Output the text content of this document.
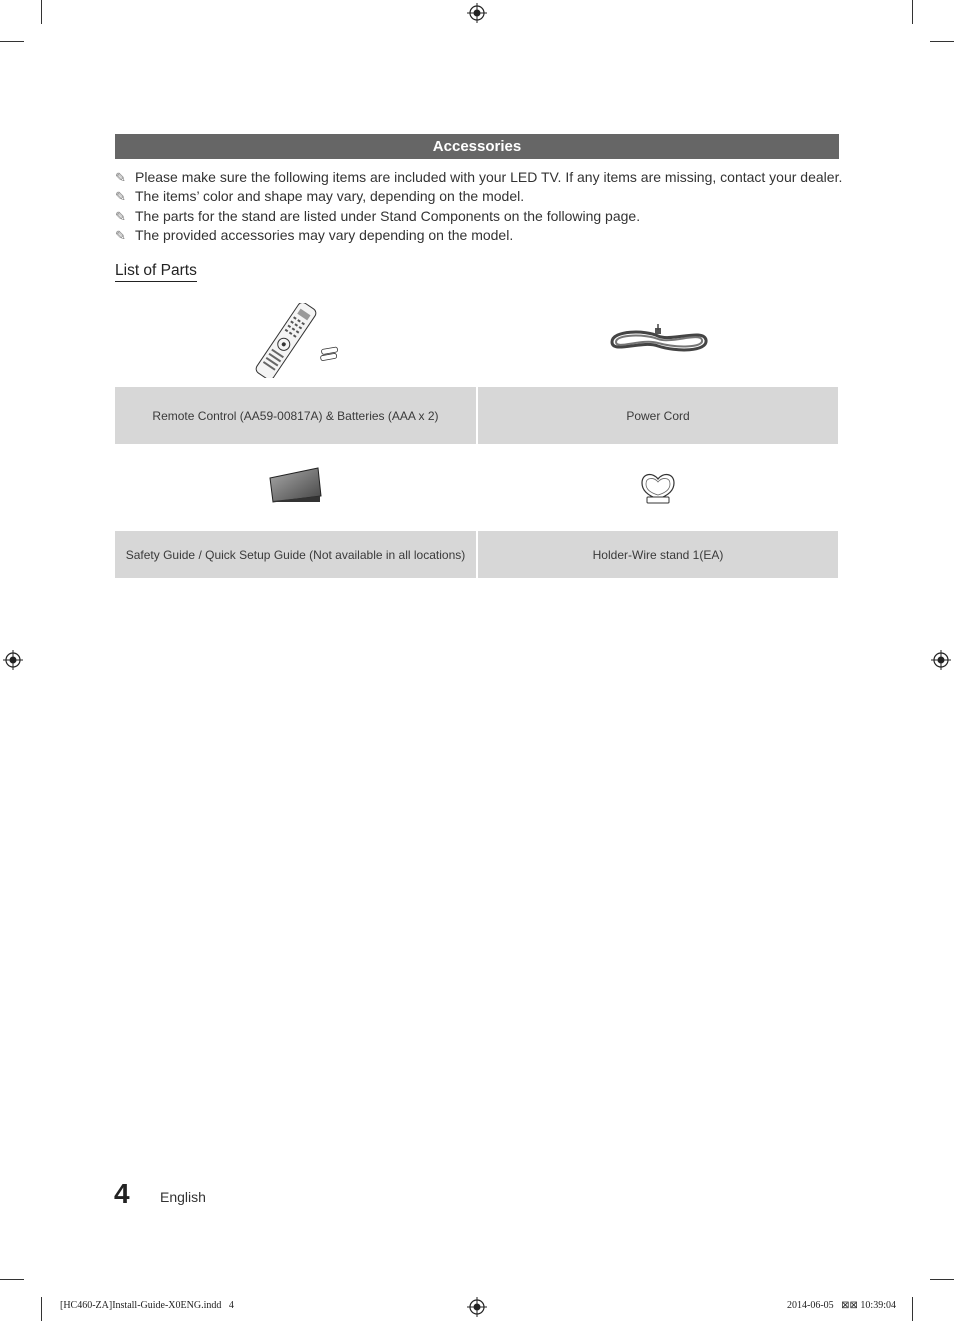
Accessories
✎ Please make sure the following items are included with your LED TV. If any items are missing, contact your dealer.
✎ The items’ color and shape may vary, depending on the model.
✎ The parts for the stand are listed under Stand Components on the following page.
✎ The provided accessories may vary depending on the model.
List of Parts
Remote Control (AA59-00817A) & Batteries (AAA x 2)	Power Cord
Safety Guide / Quick Setup Guide (Not available in all locations)	Holder-Wire stand 1(EA)
4 English
[HC460-ZA]Install-Guide-X0ENG.indd   4	2014-06-05   ⊠⊠ 10:39:04
